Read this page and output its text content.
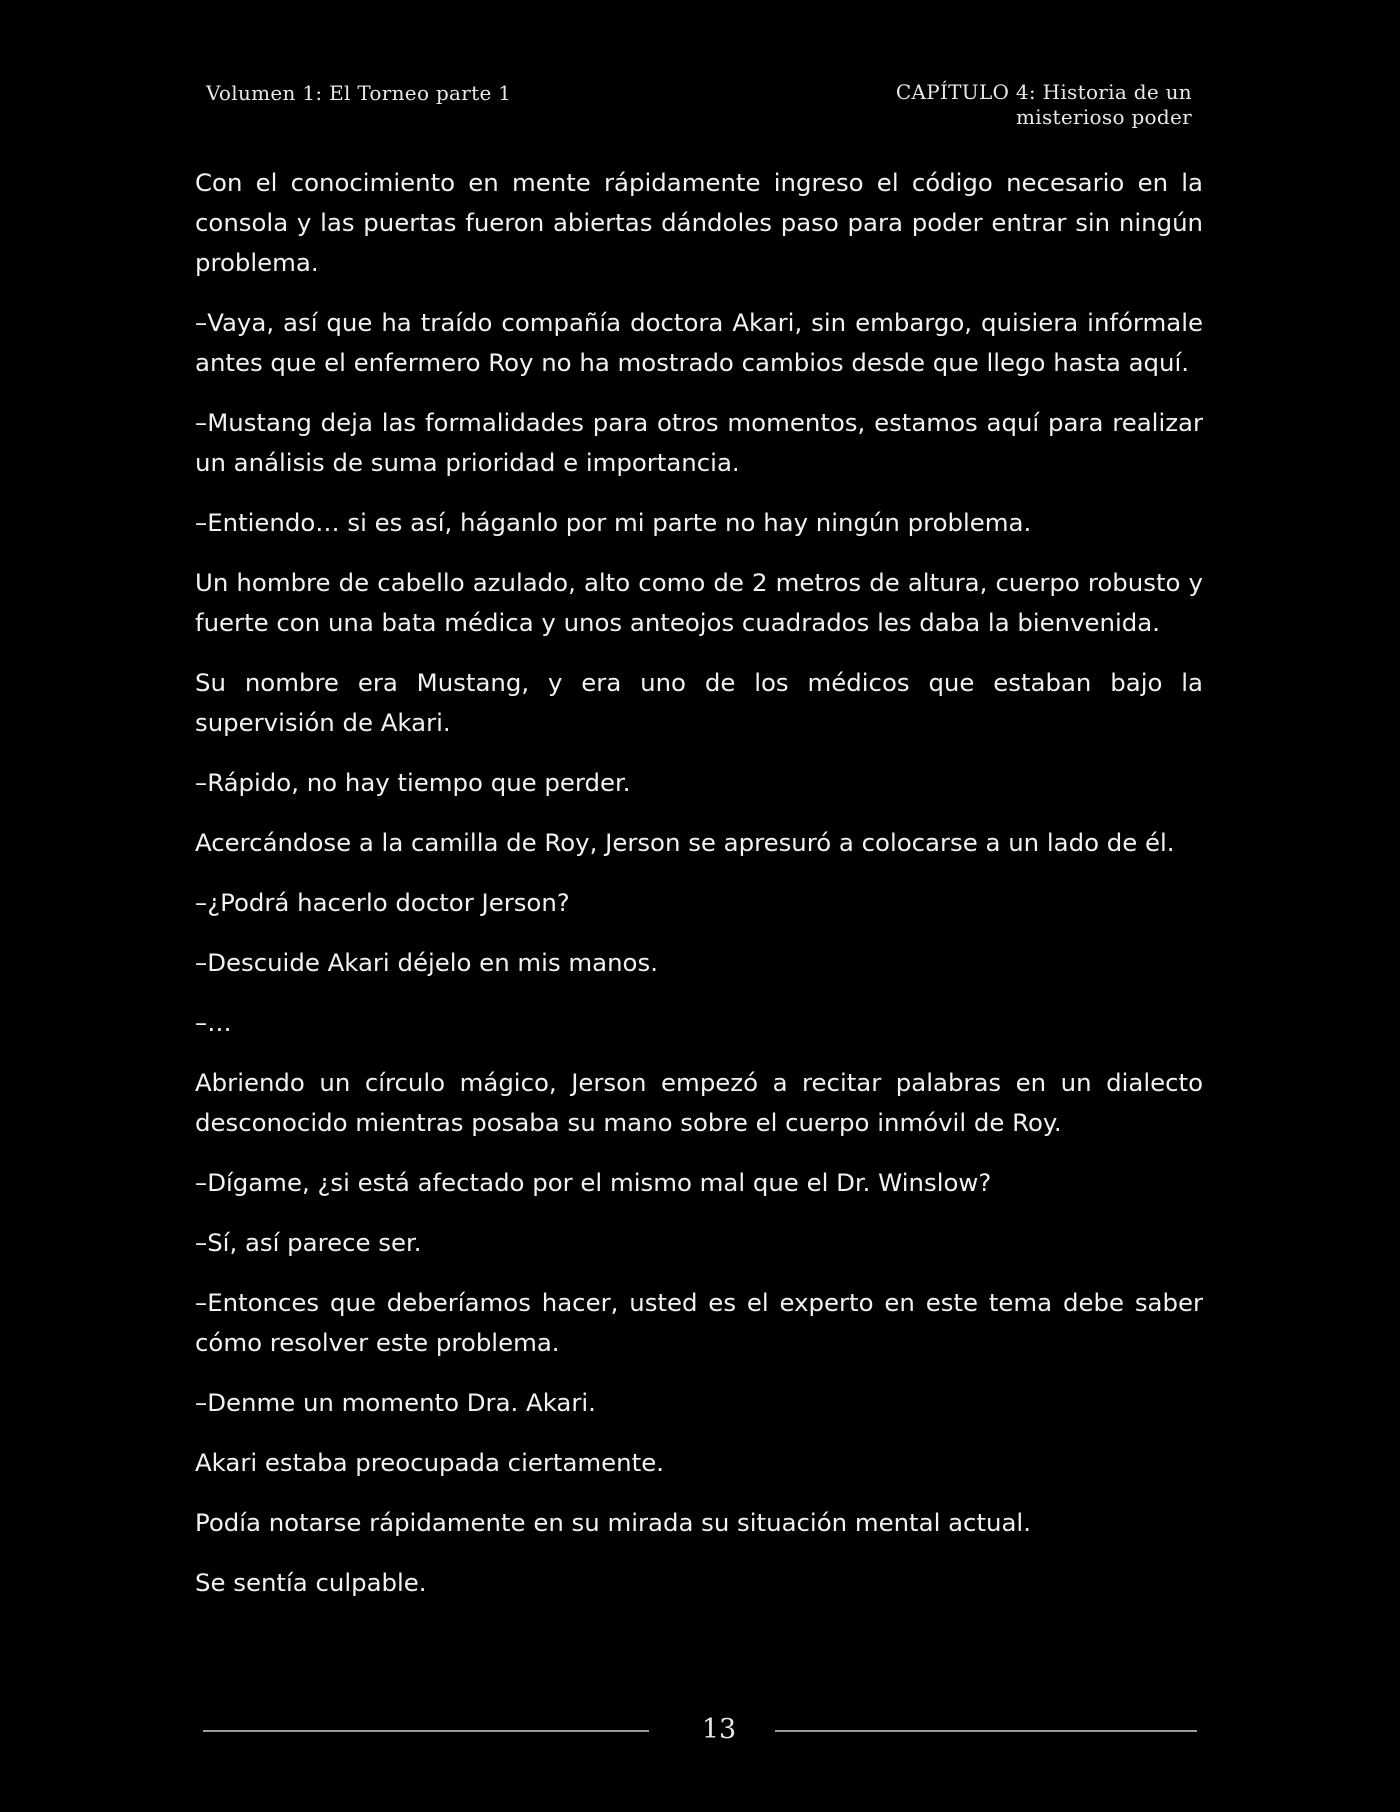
Volumen 1: El Torneo parte 1	CAPÍTULO 4: Historia de un
misterioso poder

Con el conocimiento en mente rápidamente ingreso el código necesario en la consola y las puertas fueron abiertas dándoles paso para poder entrar sin ningún problema.

–Vaya, así que ha traído compañía doctora Akari, sin embargo, quisiera infórmale antes que el enfermero Roy no ha mostrado cambios desde que llego hasta aquí.

–Mustang deja las formalidades para otros momentos, estamos aquí para realizar un análisis de suma prioridad e importancia.

–Entiendo… si es así, háganlo por mi parte no hay ningún problema.

Un hombre de cabello azulado, alto como de 2 metros de altura, cuerpo robusto y fuerte con una bata médica y unos anteojos cuadrados les daba la bienvenida.

Su nombre era Mustang, y era uno de los médicos que estaban bajo la supervisión de Akari.

–Rápido, no hay tiempo que perder.

Acercándose a la camilla de Roy, Jerson se apresuró a colocarse a un lado de él.

–¿Podrá hacerlo doctor Jerson?

–Descuide Akari déjelo en mis manos.

–…

Abriendo un círculo mágico, Jerson empezó a recitar palabras en un dialecto desconocido mientras posaba su mano sobre el cuerpo inmóvil de Roy.

–Dígame, ¿si está afectado por el mismo mal que el Dr. Winslow?

–Sí, así parece ser.

–Entonces que deberíamos hacer, usted es el experto en este tema debe saber cómo resolver este problema.

–Denme un momento Dra. Akari.

Akari estaba preocupada ciertamente.

Podía notarse rápidamente en su mirada su situación mental actual.

Se sentía culpable.

13
